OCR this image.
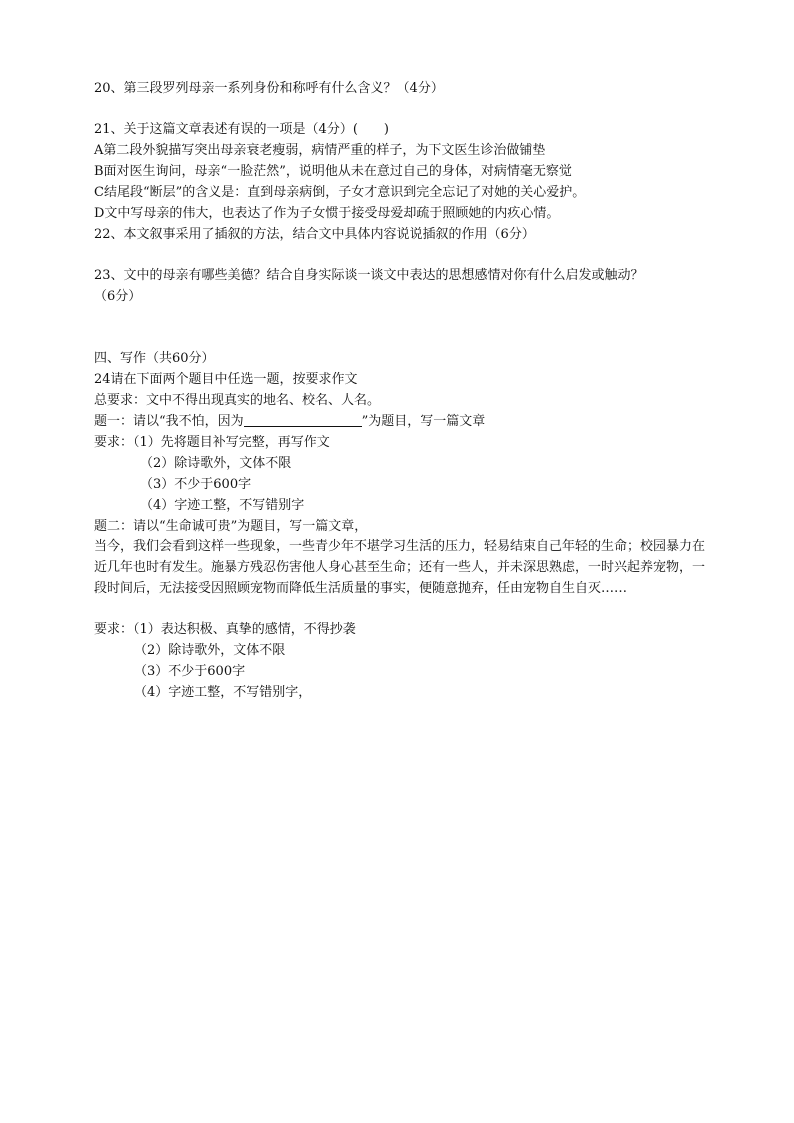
20、第三段罗列母亲一系列身份和称呼有什么含义？（4分）
21、关于这篇文章表述有误的一项是（4分）(　　)
A第二段外貌描写突出母亲衰老瘦弱，病情严重的样子，为下文医生诊治做铺垫
B面对医生询问，母亲“一脸茫然”，说明他从未在意过自己的身体，对病情毫无察觉
C结尾段“断层”的含义是：直到母亲病倒，子女才意识到完全忘记了对她的关心爱护。
D文中写母亲的伟大，也表达了作为子女惯于接受母爱却疏于照顾她的内疚心情。
22、本文叙事采用了插叙的方法，结合文中具体内容说说插叙的作用（6分）
23、文中的母亲有哪些美德？结合自身实际谈一谈文中表达的思想感情对你有什么启发或触动？
（6分）
四、写作（共60分）
24请在下面两个题目中任选一题，按要求作文
总要求：文中不得出现真实的地名、校名、人名。
题一：请以“我不怕，因为	”为题目，写一篇文章
要求：（1）先将题目补写完整，再写作文
（2）除诗歌外，文体不限
（3）不少于600字
（4）字迹工整，不写错别字
题二：请以“生命诚可贵”为题目，写一篇文章，
当今，我们会看到这样一些现象，一些青少年不堪学习生活的压力，轻易结束自己年轻的生命；校园暴力在近几年也时有发生。施暴方残忍伤害他人身心甚至生命；还有一些人，并未深思熟虑，一时兴起养宠物，一段时间后，无法接受因照顾宠物而降低生活质量的事实，便随意抛弃，任由宠物自生自灭……
要求：（1）表达积极、真挚的感情，不得抄袭
（2）除诗歌外，文体不限
（3）不少于600字
（4）字迹工整，不写错别字，
